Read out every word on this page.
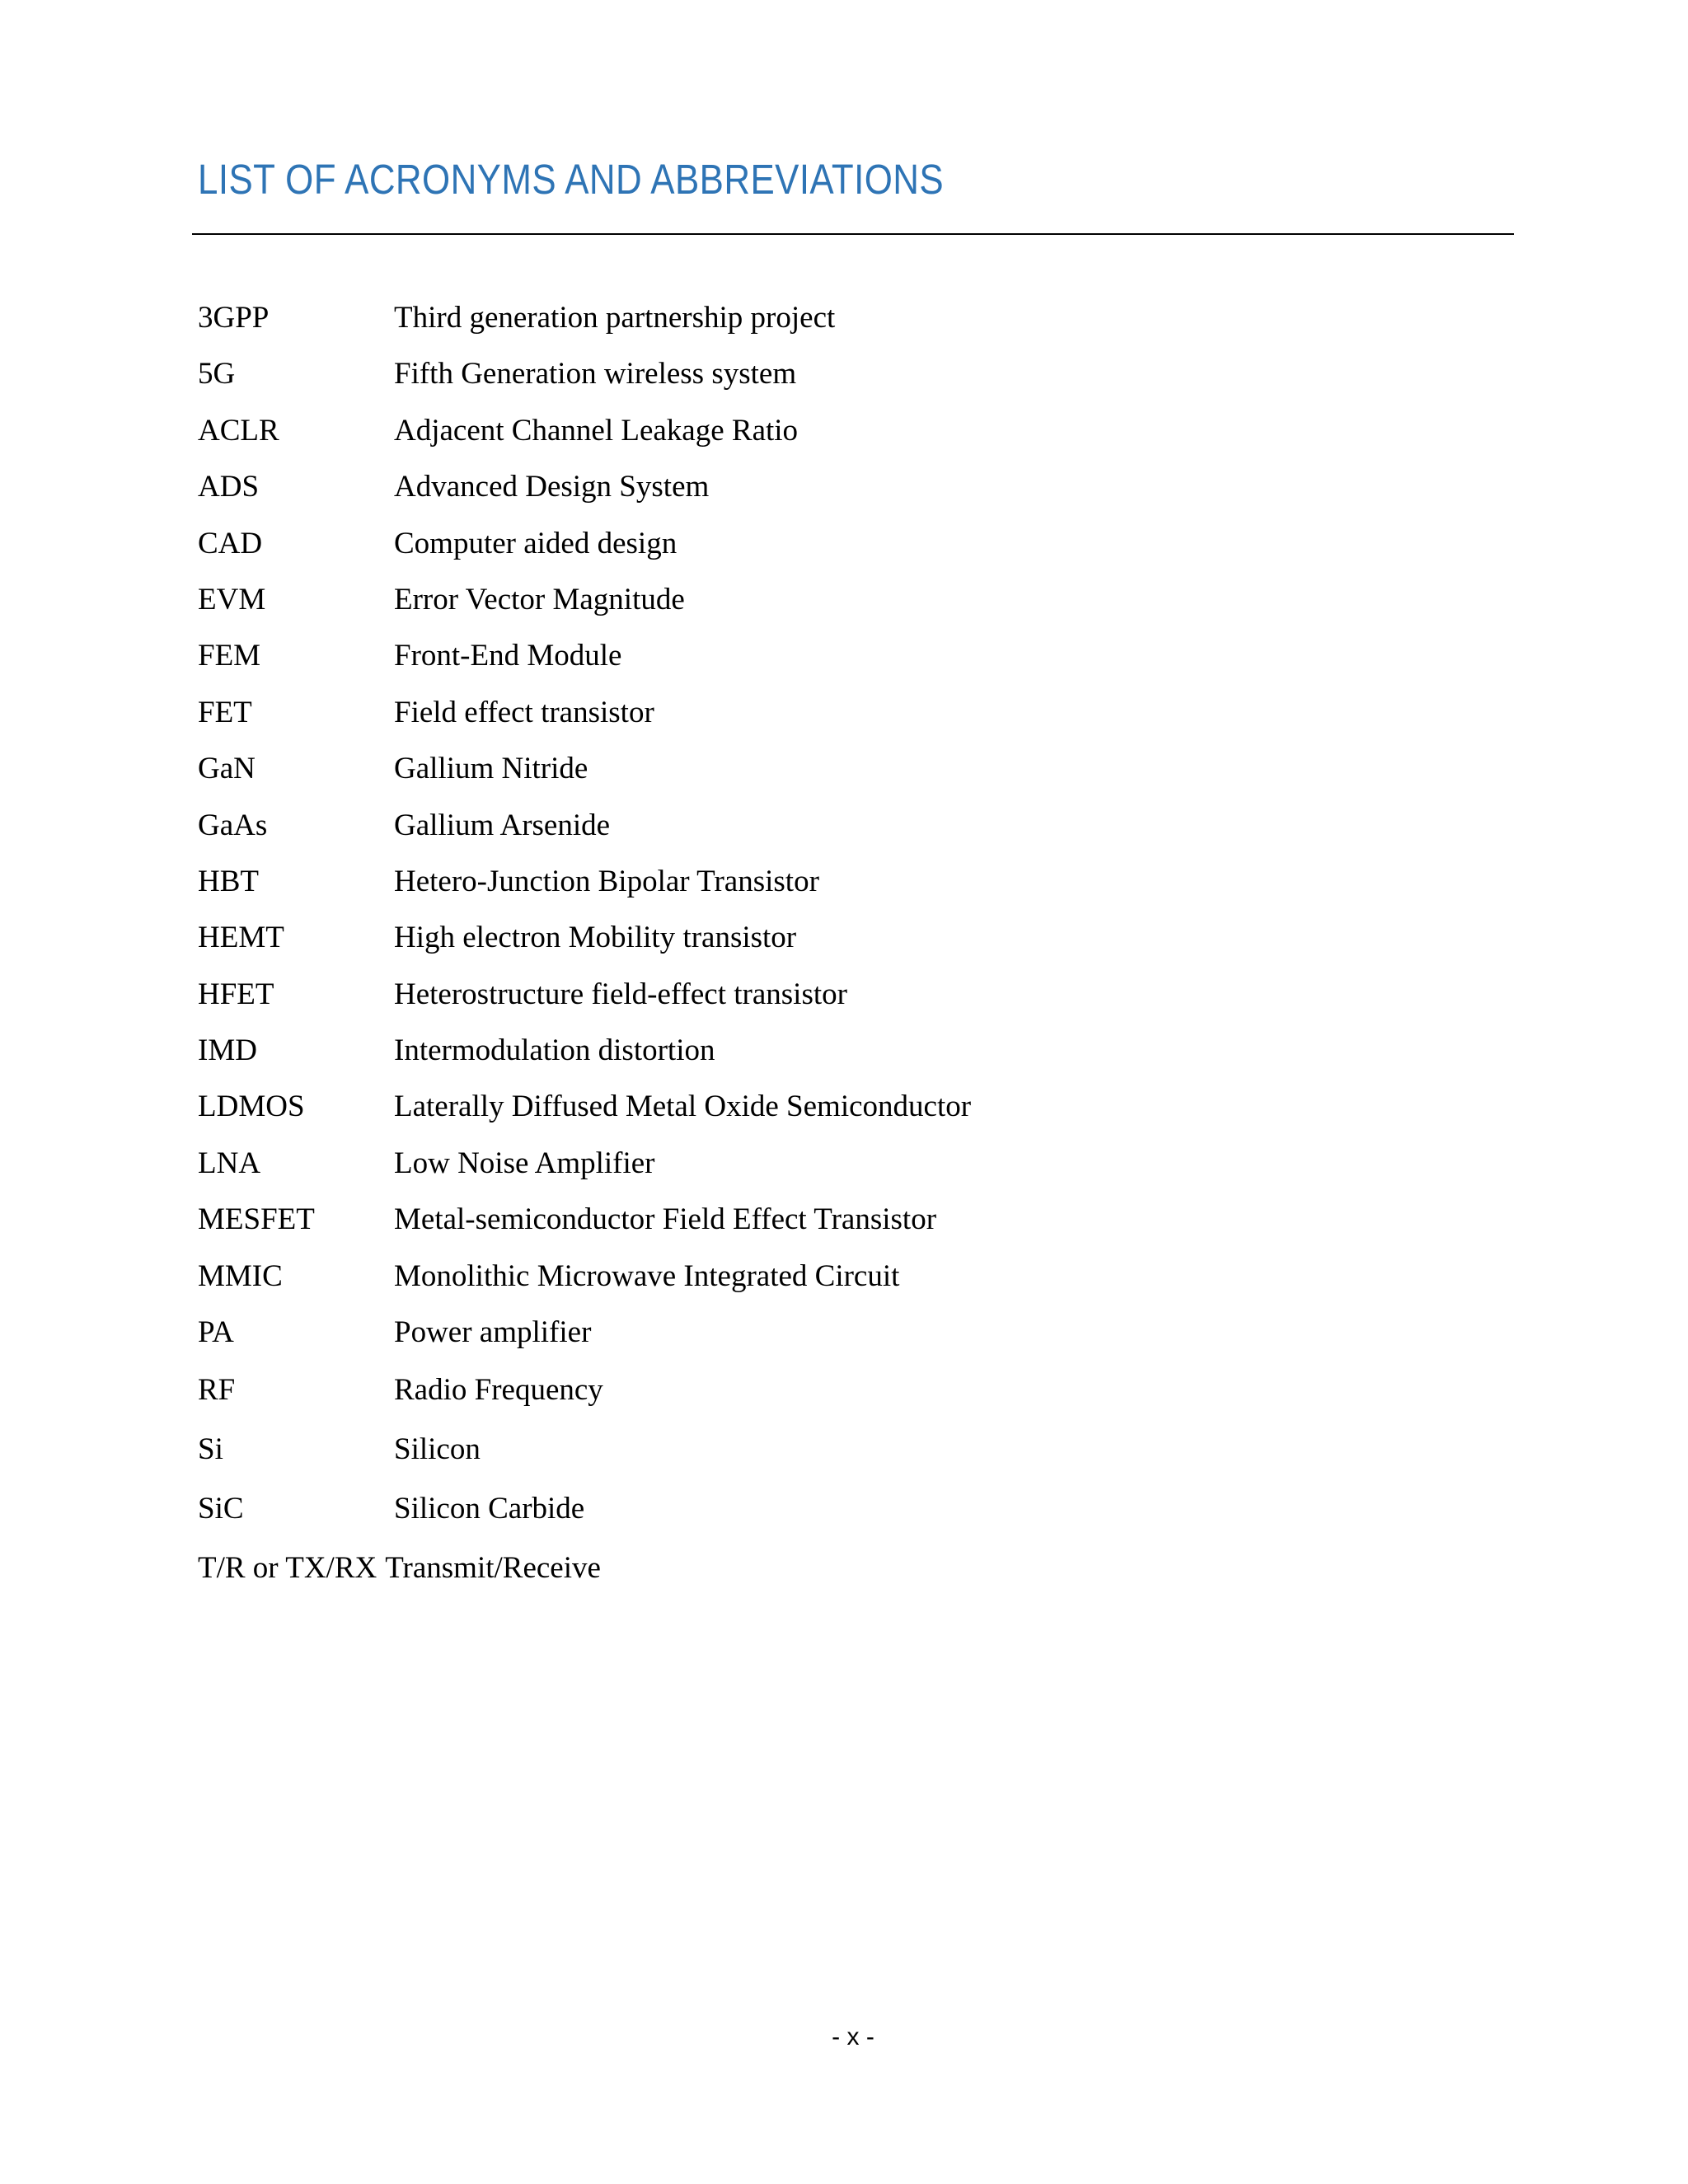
LIST OF ACRONYMS AND ABBREVIATIONS
3GPP	Third generation partnership project
5G	Fifth Generation wireless system
ACLR	Adjacent Channel Leakage Ratio
ADS	Advanced Design System
CAD	Computer aided design
EVM	Error Vector Magnitude
FEM	Front-End Module
FET	Field effect transistor
GaN	Gallium Nitride
GaAs	Gallium Arsenide
HBT	Hetero-Junction Bipolar Transistor
HEMT	High electron Mobility transistor
HFET	Heterostructure field-effect transistor
IMD	Intermodulation distortion
LDMOS	Laterally Diffused Metal Oxide Semiconductor
LNA	Low Noise Amplifier
MESFET	Metal-semiconductor Field Effect Transistor
MMIC	Monolithic Microwave Integrated Circuit
PA	Power amplifier
RF	Radio Frequency
Si	Silicon
SiC	Silicon Carbide
T/R or TX/RX Transmit/Receive
- x -
